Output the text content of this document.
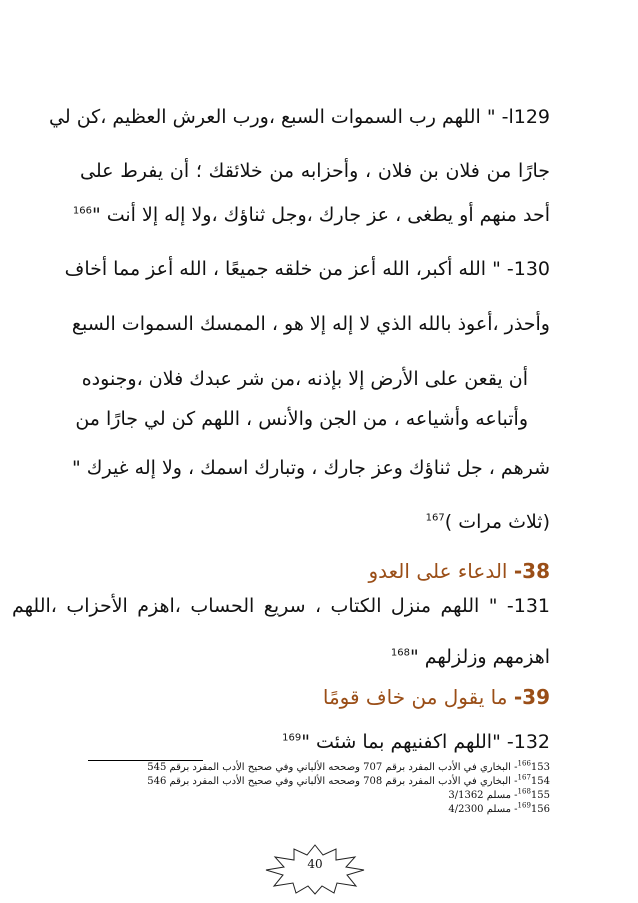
129ا- " اللهم رب السموات السبع ،ورب العرش العظيم ،كن لي
جارًا من فلان بن فلان ، وأحزابه من خلائقك ؛ أن يفرط على
أحد منهم أو يطغى ، عز جارك ،وجل ثناؤك ،ولا إله إلا أنت "$^{166}$
130- " الله أكبر، الله أعز من خلقه جميعًا ، الله أعز مما أخاف
وأحذر ،أعوذ بالله الذي لا إله إلا هو ، الممسك السموات السبع
أن يقعن على الأرض إلا بإذنه ،من شر عبدك فلان ،وجنوده
وأتباعه وأشياعه ، من الجن والأنس ، اللهم كن لي جارًا من
شرهم ، جل ثناؤك وعز جارك ، وتبارك اسمك ، ولا إله غيرك "
(ثلاث مرات )$^{167}$
38- الدعاء على العدو
131- " اللهم منزل الكتاب ، سريع الحساب ،اهزم الأحزاب ،اللهم
اهزمهم وزلزلهم "$^{168}$
39- ما يقول من خاف قومًا
132- "اللهم اكفنيهم بما شئت "$^{169}$
$^{166}$153- البخاري في الأدب المفرد برقم 707 وصححه الألباني وفي صحيح الأدب المفرد برقم 545
$^{167}$154- البخاري في الأدب المفرد برقم 708 وصححه الألباني وفي صحيح الأدب المفرد برقم 546
$^{168}$155- مسلم 3/1362
$^{169}$156- مسلم 4/2300
40
